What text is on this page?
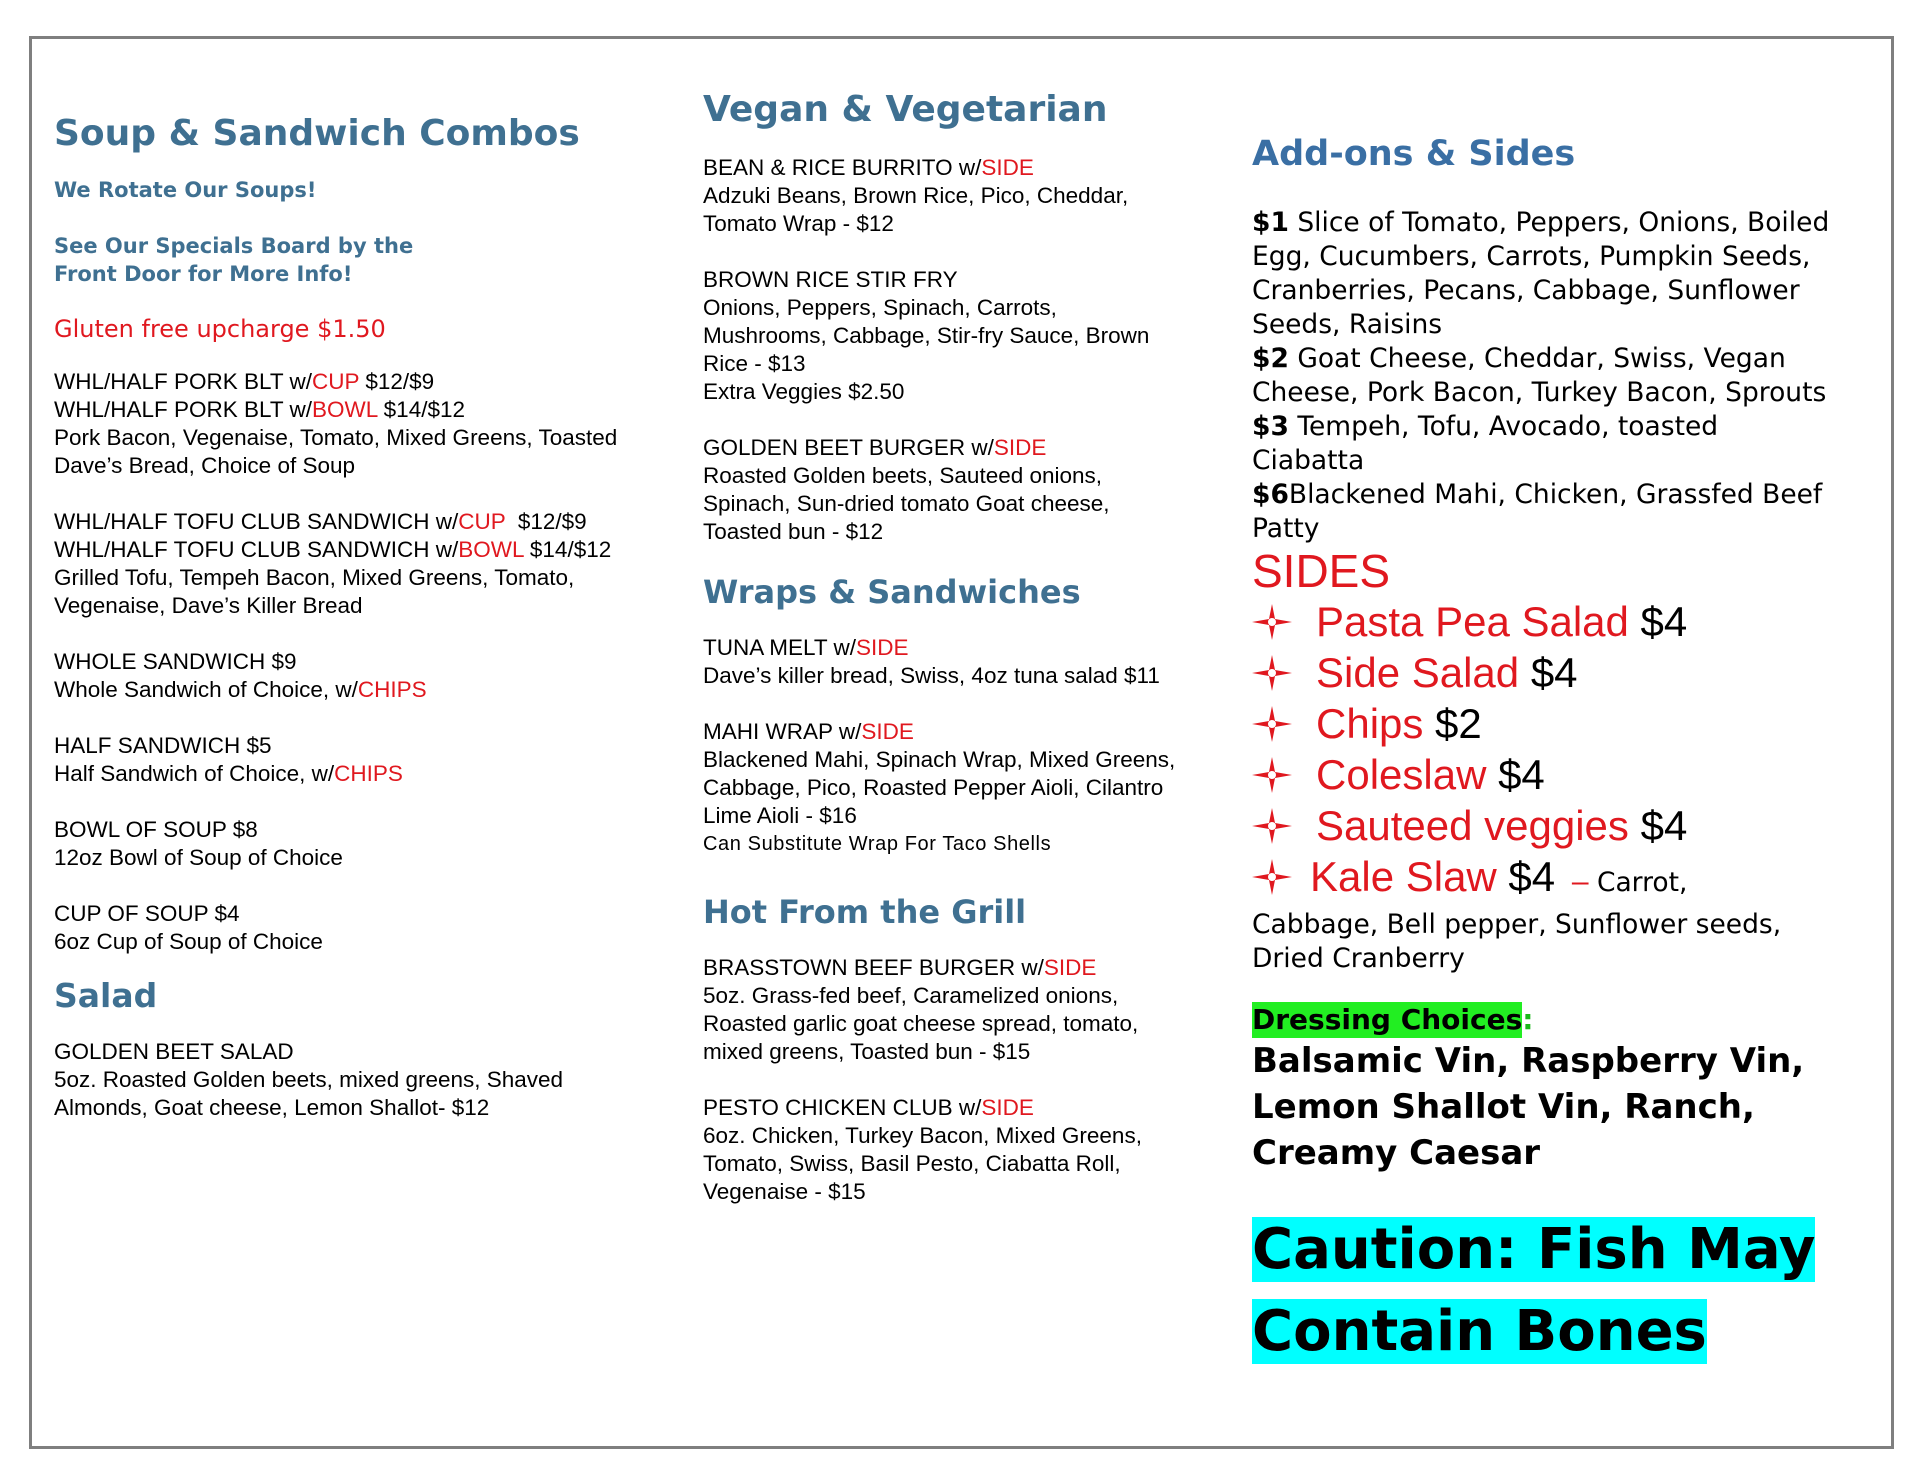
Soup & Sandwich Combos

We Rotate Our Soups!

See Our Specials Board by the

Front Door for More Info!

Gluten free upcharge $1.50

WHL/HALF PORK BLT w/CUP $12/$9

WHL/HALF PORK BLT w/BOWL $14/$12

Pork Bacon, Vegenaise, Tomato, Mixed Greens, Toasted

Dave’s Bread, Choice of Soup

WHL/HALF TOFU CLUB SANDWICH w/CUP  $12/$9

WHL/HALF TOFU CLUB SANDWICH w/BOWL $14/$12

Grilled Tofu, Tempeh Bacon, Mixed Greens, Tomato,

Vegenaise, Dave’s Killer Bread

WHOLE SANDWICH $9

Whole Sandwich of Choice, w/CHIPS

HALF SANDWICH $5

Half Sandwich of Choice, w/CHIPS

BOWL OF SOUP $8

12oz Bowl of Soup of Choice

CUP OF SOUP $4

6oz Cup of Soup of Choice

Salad

GOLDEN BEET SALAD

5oz. Roasted Golden beets, mixed greens, Shaved

Almonds, Goat cheese, Lemon Shallot- $12

Vegan & Vegetarian

BEAN & RICE BURRITO w/SIDE

Adzuki Beans, Brown Rice, Pico, Cheddar,

Tomato Wrap - $12

BROWN RICE STIR FRY

Onions, Peppers, Spinach, Carrots,

Mushrooms, Cabbage, Stir-fry Sauce, Brown

Rice - $13

Extra Veggies $2.50

GOLDEN BEET BURGER w/SIDE

Roasted Golden beets, Sauteed onions,

Spinach, Sun-dried tomato Goat cheese,

Toasted bun - $12

Wraps & Sandwiches

TUNA MELT w/SIDE

Dave’s killer bread, Swiss, 4oz tuna salad $11

MAHI WRAP w/SIDE

Blackened Mahi, Spinach Wrap, Mixed Greens,

Cabbage, Pico, Roasted Pepper Aioli, Cilantro

Lime Aioli - $16

Can Substitute Wrap For Taco Shells

Hot From the Grill

BRASSTOWN BEEF BURGER w/SIDE

5oz. Grass-fed beef, Caramelized onions,

Roasted garlic goat cheese spread, tomato,

mixed greens, Toasted bun - $15

PESTO CHICKEN CLUB w/SIDE

6oz. Chicken, Turkey Bacon, Mixed Greens,

Tomato, Swiss, Basil Pesto, Ciabatta Roll,

Vegenaise - $15

Add-ons & Sides

$1 Slice of Tomato, Peppers, Onions, Boiled

Egg, Cucumbers, Carrots, Pumpkin Seeds,

Cranberries, Pecans, Cabbage, Sunflower

Seeds, Raisins

$2 Goat Cheese, Cheddar, Swiss, Vegan

Cheese, Pork Bacon, Turkey Bacon, Sprouts

$3 Tempeh, Tofu, Avocado, toasted

Ciabatta

$6Blackened Mahi, Chicken, Grassfed Beef

Patty

SIDES

Pasta Pea Salad $4

Side Salad $4

Chips $2

Coleslaw $4

Sauteed veggies $4

Kale Slaw $4  – Carrot,

Cabbage, Bell pepper, Sunflower seeds,

Dried Cranberry

Dressing Choices:

Balsamic Vin, Raspberry Vin,

Lemon Shallot Vin, Ranch,

Creamy Caesar

Caution: Fish May
Contain Bones
